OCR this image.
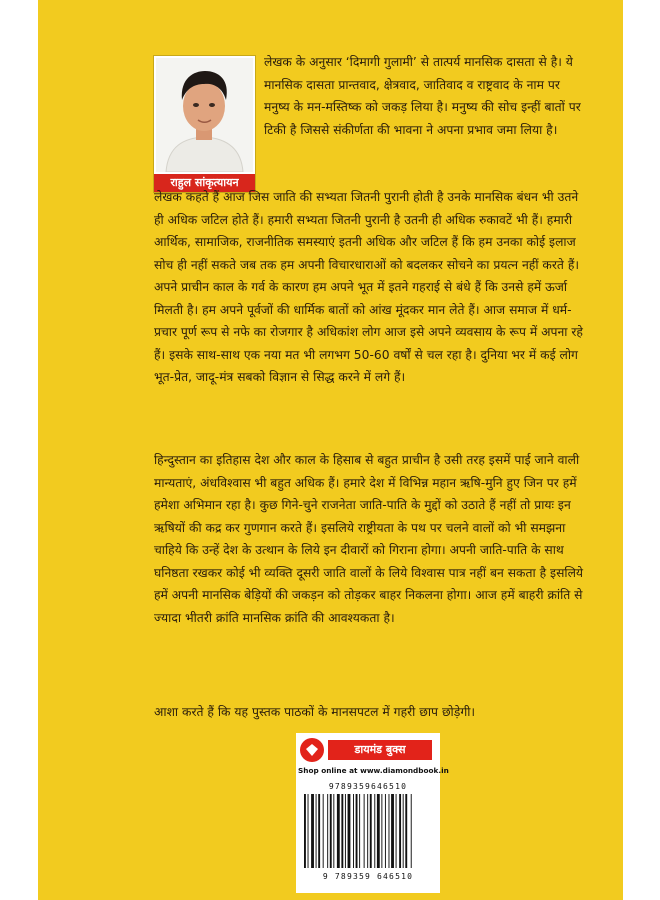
राहुल सांकृत्यायन

लेखक के अनुसार ‘दिमागी गुलामी’ से तात्पर्य मानसिक दासता से है। ये मानसिक दासता प्रान्तवाद, क्षेत्रवाद, जातिवाद व राष्ट्रवाद के नाम पर मनुष्य के मन-मस्तिष्क को जकड़ लिया है। मनुष्य की सोच इन्हीं बातों पर टिकी है जिससे संकीर्णता की भावना ने अपना प्रभाव जमा लिया है।

लेखक कहते हैं आज जिस जाति की सभ्यता जितनी पुरानी होती है उनके मानसिक बंधन भी उतने ही अधिक जटिल होते हैं। हमारी सभ्यता जितनी पुरानी है उतनी ही अधिक रुकावटें भी हैं। हमारी आर्थिक, सामाजिक, राजनीतिक समस्याएं इतनी अधिक और जटिल हैं कि हम उनका कोई इलाज सोच ही नहीं सकते जब तक हम अपनी विचारधाराओं को बदलकर सोचने का प्रयत्न नहीं करते हैं। अपने प्राचीन काल के गर्व के कारण हम अपने भूत में इतने गहराई से बंधे हैं कि उनसे हमें ऊर्जा मिलती है। हम अपने पूर्वजों की धार्मिक बातों को आंख मूंदकर मान लेते हैं। आज समाज में धर्म-प्रचार पूर्ण रूप से नफे का रोजगार है अधिकांश लोग आज इसे अपने व्यवसाय के रूप में अपना रहे हैं। इसके साथ-साथ एक नया मत भी लगभग 50-60 वर्षों से चल रहा है। दुनिया भर में कई लोग भूत-प्रेत, जादू-मंत्र सबको विज्ञान से सिद्ध करने में लगे हैं।

हिन्दुस्तान का इतिहास देश और काल के हिसाब से बहुत प्राचीन है उसी तरह इसमें पाई जाने वाली मान्यताएं, अंधविश्वास भी बहुत अधिक हैं। हमारे देश में विभिन्न महान ऋषि-मुनि हुए जिन पर हमें हमेशा अभिमान रहा है। कुछ गिने-चुने राजनेता जाति-पाति के मुद्दों को उठाते हैं नहीं तो प्रायः इन ऋषियों की कद्र कर गुणगान करते हैं। इसलिये राष्ट्रीयता के पथ पर चलने वालों को भी समझना चाहिये कि उन्हें देश के उत्थान के लिये इन दीवारों को गिराना होगा। अपनी जाति-पाति के साथ घनिष्ठता रखकर कोई भी व्यक्ति दूसरी जाति वालों के लिये विश्वास पात्र नहीं बन सकता है इसलिये हमें अपनी मानसिक बेड़ियों की जकड़न को तोड़कर बाहर निकलना होगा। आज हमें बाहरी क्रांति से ज्यादा भीतरी क्रांति मानसिक क्रांति की आवश्यकता है।

आशा करते हैं कि यह पुस्तक पाठकों के मानसपटल में गहरी छाप छोड़ेगी।

डायमंड बुक्स
Shop online at www.diamondbook.in
9789359646510
9 789359 646510
